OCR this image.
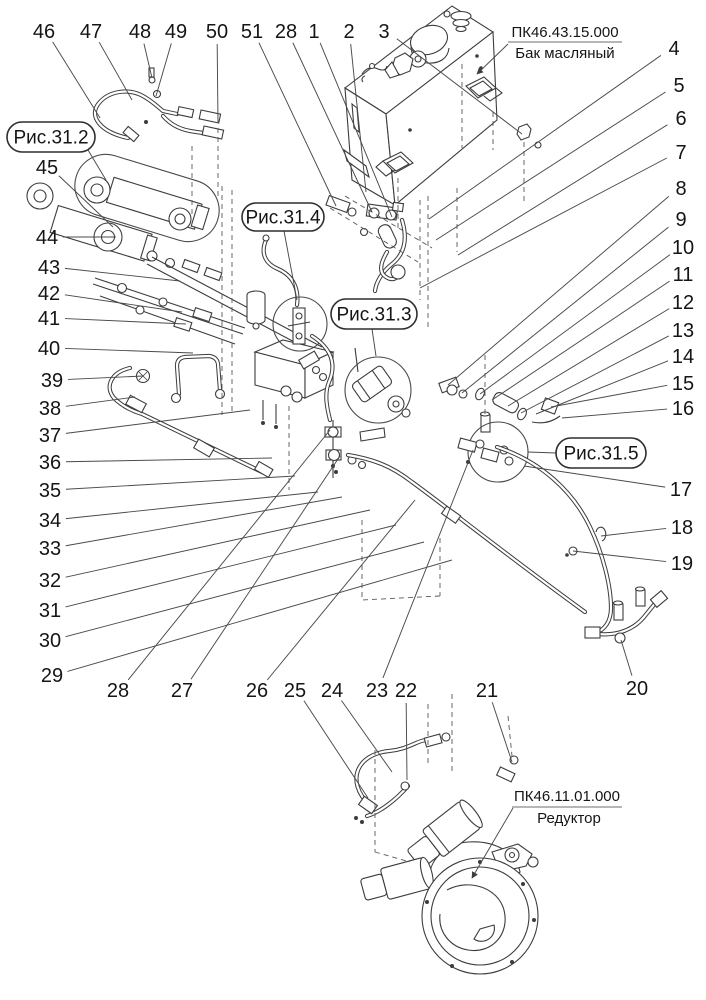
46 47 48 49 50 51 28 1 2 3
4
5
6
7
8
9
10
11
12
13
14
15
16
17
18
19
20
45
44
43
42
41
40
39
38
37
36
35
34
33
32
31
30
29
28 27	26 25 24 23 22	21
Рис.31.2
Рис.31.4
Рис.31.3
Рис.31.5
ПК46.43.15.000
Бак масляный
ПК46.11.01.000
Редуктор
